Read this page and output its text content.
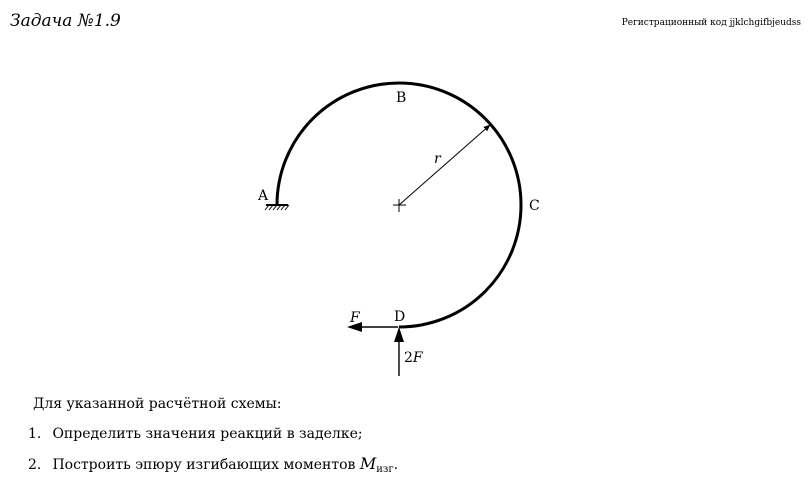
Задача №1.9	Регистрационный код jjklchgifbjeudss
A
B
C
D
r
F
2F
Для указанной расчётной схемы:
1. Определить значения реакций в заделке;
2. Построить эпюру изгибающих моментов $M_{изг}$.
